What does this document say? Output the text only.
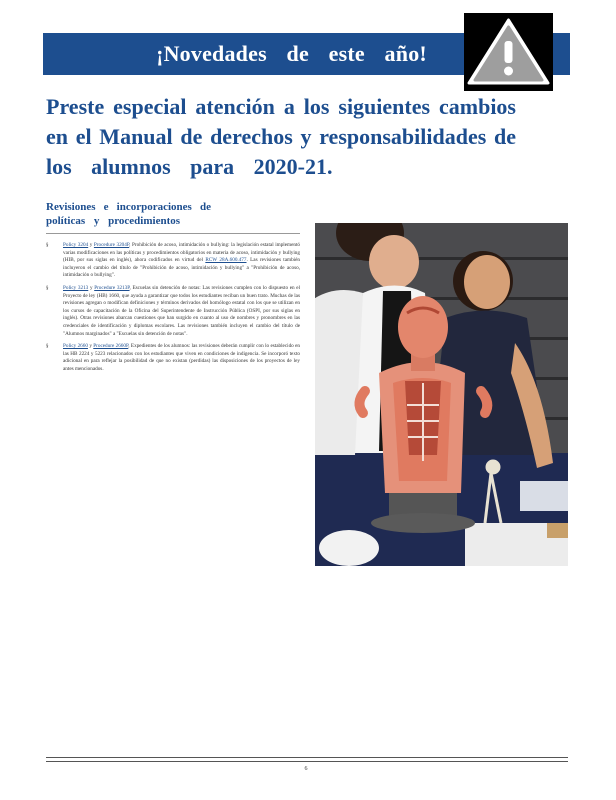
¡Novedades de este año!
Preste especial atención a los siguientes cambios
en el Manual de derechos y responsabilidades de
los alumnos para 2020-21.
Revisiones e incorporaciones de
políticas y procedimientos
§	Policy 3204 y Procedure 3204P, Prohibición de acoso, intimidación o bullying: la legislación estatal implementó varias modificaciones en las políticas y procedimientos obligatorios en materia de acoso, intimidación y bullying (HIB, por sus siglas en inglés), ahora codificados en virtud del RCW 28A.600.477. Las revisiones también incluyeron el cambio del título de "Prohibición de acoso, intimidación y bullying" a "Prohibición de acoso, intimidación o bullying".
§	Policy 3213 y Procedure 3213P, Escuelas sin detención de notas: Las revisiones cumplen con lo dispuesto en el Proyecto de ley (HB) 1660, que ayuda a garantizar que todos los estudiantes reciban un buen trato. Muchas de las revisiones agregan o modifican definiciones y términos derivados del homólogo estatal con los que se utilizan en los cursos de capacitación de la Oficina del Superintendente de Instrucción Pública (OSPI, por sus siglas en inglés). Otras revisiones abarcan cuestiones que han surgido en cuanto al uso de nombres y pronombres en las credenciales de identificación y diplomas escolares. Las revisiones también incluyen el cambio del título de "Alumnos marginados" a "Escuelas sin detención de notas".
§	Policy 2660 y Procedure 2660P, Expedientes de los alumnos: las revisiones deberán cumplir con lo establecido en las HB 2224 y 5223 relacionados con los estudiantes que viven en condiciones de indigencia. Se incorporó texto adicional en para reflejar la posibilidad de que no existan (perdidas) las disposiciones de los proyectos de ley antes mencionados.
6
